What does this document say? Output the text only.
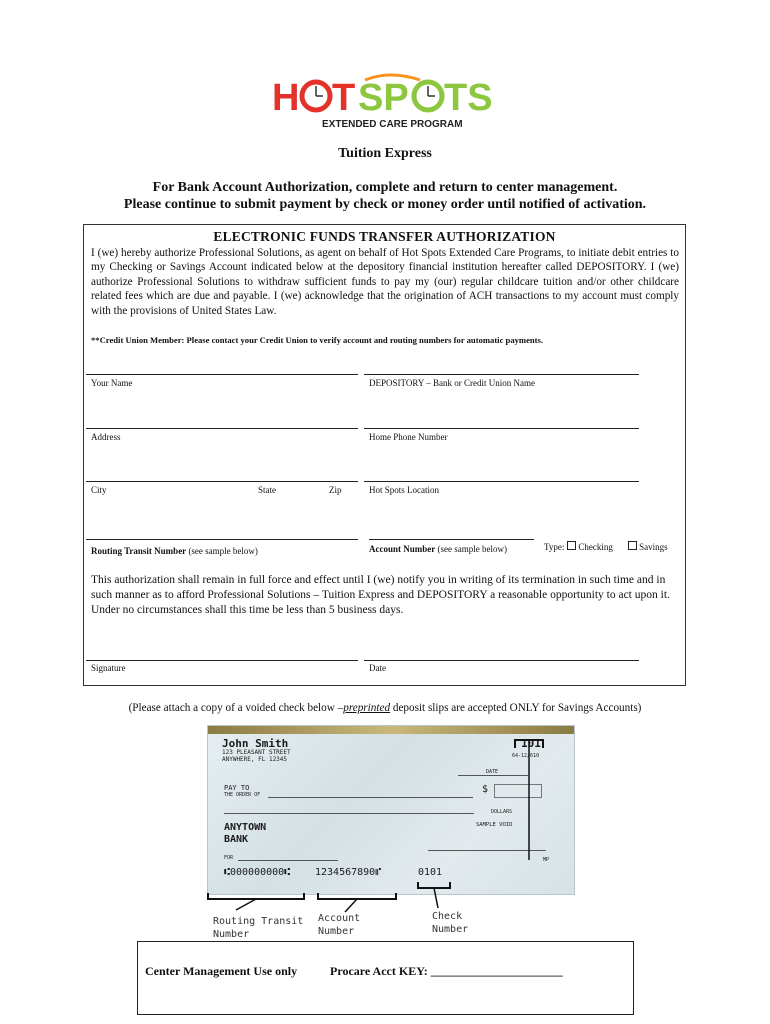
H T SP TS
EXTENDED CARE PROGRAM
Tuition Express
For Bank Account Authorization, complete and return to center management.
Please continue to submit payment by check or money order until notified of activation.
ELECTRONIC FUNDS TRANSFER AUTHORIZATION
I (we) hereby authorize Professional Solutions, as agent on behalf of Hot Spots Extended Care Programs, to initiate debit entries to my Checking or Savings Account indicated below at the depository financial institution hereafter called DEPOSITORY. I (we) authorize Professional Solutions to withdraw sufficient funds to pay my (our) regular childcare tuition and/or other childcare related fees which are due and payable. I (we) acknowledge that the origination of ACH transactions to my account must comply with the provisions of United States Law.
**Credit Union Member: Please contact your Credit Union to verify account and routing numbers for automatic payments.
Your Name	DEPOSITORY – Bank or Credit Union Name
Address	Home Phone Number
City	State	Zip	Hot Spots Location
Routing Transit Number (see sample below)	Account Number (see sample below)	Type: Checking	Savings
This authorization shall remain in full force and effect until I (we) notify you in writing of its termination in such time and in such manner as to afford Professional Solutions – Tuition Express and DEPOSITORY a reasonable opportunity to act upon it.
Under no circumstances shall this time be less than 5 business days.
Signature	Date
(Please attach a copy of a voided check below –preprinted deposit slips are accepted ONLY for Savings Accounts)
John Smith
123 PLEASANT STREET
ANYWHERE, FL 12345
101
64-12/610
DATE
PAY TO
THE ORDER OF	$
DOLLARS
ANYTOWN
BANK
SAMPLE VOID
FOR	MP
⑆000000000⑆ 1234567890⑈	0101
Routing Transit
Number
Account
Number
Check
Number
Center Management Use only	Procare Acct KEY: ______________________
